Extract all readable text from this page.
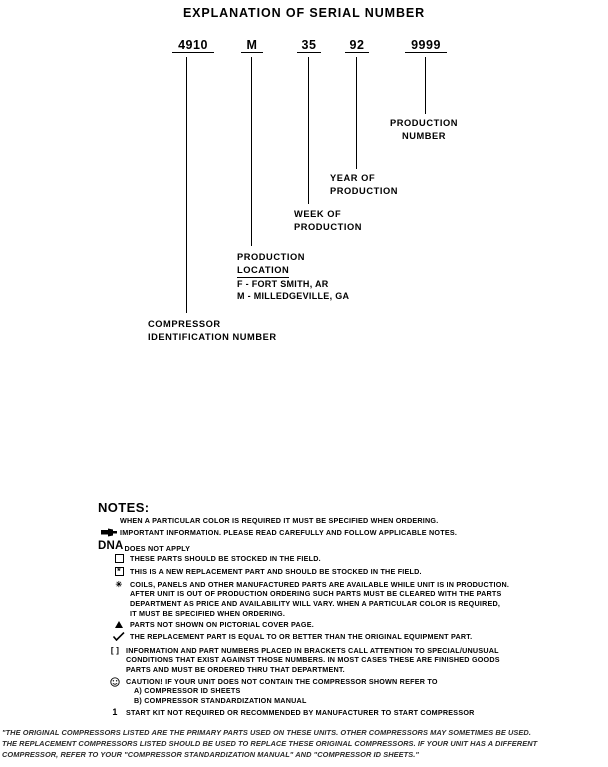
EXPLANATION OF SERIAL NUMBER
4910	M	35	92	9999
PRODUCTION
NUMBER
YEAR OF
PRODUCTION
WEEK OF
PRODUCTION
PRODUCTION
LOCATION
F - FORT SMITH, AR
M - MILLEDGEVILLE, GA
COMPRESSOR
IDENTIFICATION NUMBER
NOTES:
WHEN A PARTICULAR COLOR IS REQUIRED IT MUST BE SPECIFIED WHEN ORDERING.
IMPORTANT INFORMATION. PLEASE READ CAREFULLY AND FOLLOW APPLICABLE NOTES.
DNA DOES NOT APPLY
THESE PARTS SHOULD BE STOCKED IN THE FIELD.
* THIS IS A NEW REPLACEMENT PART AND SHOULD BE STOCKED IN THE FIELD.
✳	COILS, PANELS AND OTHER MANUFACTURED PARTS ARE AVAILABLE WHILE UNIT IS IN PRODUCTION.
AFTER UNIT IS OUT OF PRODUCTION ORDERING SUCH PARTS MUST BE CLEARED WITH THE PARTS
DEPARTMENT AS PRICE AND AVAILABILITY WILL VARY. WHEN A PARTICULAR COLOR IS REQUIRED,
IT MUST BE SPECIFIED WHEN ORDERING.
PARTS NOT SHOWN ON PICTORIAL COVER PAGE.
THE REPLACEMENT PART IS EQUAL TO OR BETTER THAN THE ORIGINAL EQUIPMENT PART.
[ ] INFORMATION AND PART NUMBERS PLACED IN BRACKETS CALL ATTENTION TO SPECIAL/UNUSUAL
CONDITIONS THAT EXIST AGAINST THOSE NUMBERS. IN MOST CASES THESE ARE FINISHED GOODS
PARTS AND MUST BE ORDERED THRU THAT DEPARTMENT.
CAUTION! IF YOUR UNIT DOES NOT CONTAIN THE COMPRESSOR SHOWN REFER TO
A) COMPRESSOR ID SHEETS
B) COMPRESSOR STANDARDIZATION MANUAL
1	START KIT NOT REQUIRED OR RECOMMENDED BY MANUFACTURER TO START COMPRESSOR
"THE ORIGINAL COMPRESSORS LISTED ARE THE PRIMARY PARTS USED ON THESE UNITS. OTHER COMPRESSORS MAY SOMETIMES BE USED.
THE REPLACEMENT COMPRESSORS LISTED SHOULD BE USED TO REPLACE THESE ORIGINAL COMPRESSORS. IF YOUR UNIT HAS A DIFFERENT
COMPRESSOR, REFER TO YOUR "COMPRESSOR STANDARDIZATION MANUAL" AND "COMPRESSOR ID SHEETS."
